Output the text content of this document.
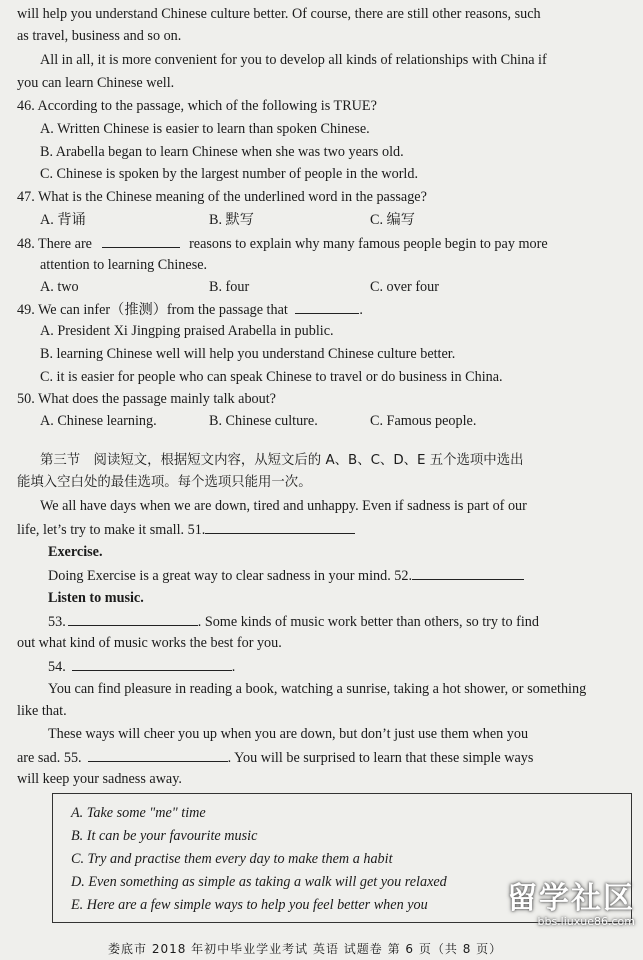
will help you understand Chinese culture better. Of course, there are still other reasons, such
as travel, business and so on.
All in all, it is more convenient for you to develop all kinds of relationships with China if
you can learn Chinese well.
46. According to the passage, which of the following is TRUE?
A. Written Chinese is easier to learn than spoken Chinese.
B. Arabella began to learn Chinese when she was two years old.
C. Chinese is spoken by the largest number of people in the world.
47. What is the Chinese meaning of the underlined word in the passage?
A. 背诵	B. 默写	C. 编写
48. There are	reasons to explain why many famous people begin to pay more
attention to learning Chinese.
A. two	B. four	C. over four
49. We can infer（推测）from the passage that	.
A. President Xi Jingping praised Arabella in public.
B. learning Chinese well will help you understand Chinese culture better.
C. it is easier for people who can speak Chinese to travel or do business in China.
50. What does the passage mainly talk about?
A. Chinese learning.	B. Chinese culture.	C. Famous people.
第三节　阅读短文，根据短文内容，从短文后的 A、B、C、D、E 五个选项中选出
能填入空白处的最佳选项。每个选项只能用一次。
We all have days when we are down, tired and unhappy. Even if sadness is part of our
life, let’s try to make it small. 51.
Exercise.
Doing Exercise is a great way to clear sadness in your mind. 52.
Listen to music.
53.	. Some kinds of music work better than others, so try to find
out what kind of music works the best for you.
54.	.
You can find pleasure in reading a book, watching a sunrise, taking a hot shower, or something
like that.
These ways will cheer you up when you are down, but don’t just use them when you
are sad. 55.	. You will be surprised to learn that these simple ways
will keep your sadness away.
A. Take some "me" time
B. It can be your favourite music
C. Try and practise them every day to make them a habit
D. Even something as simple as taking a walk will get you relaxed
E. Here are a few simple ways to help you feel better when you	留学社区
bbs.liuxue86.com
娄底市 2018 年初中毕业学业考试 英语 试题卷 第 6 页（共 8 页）
